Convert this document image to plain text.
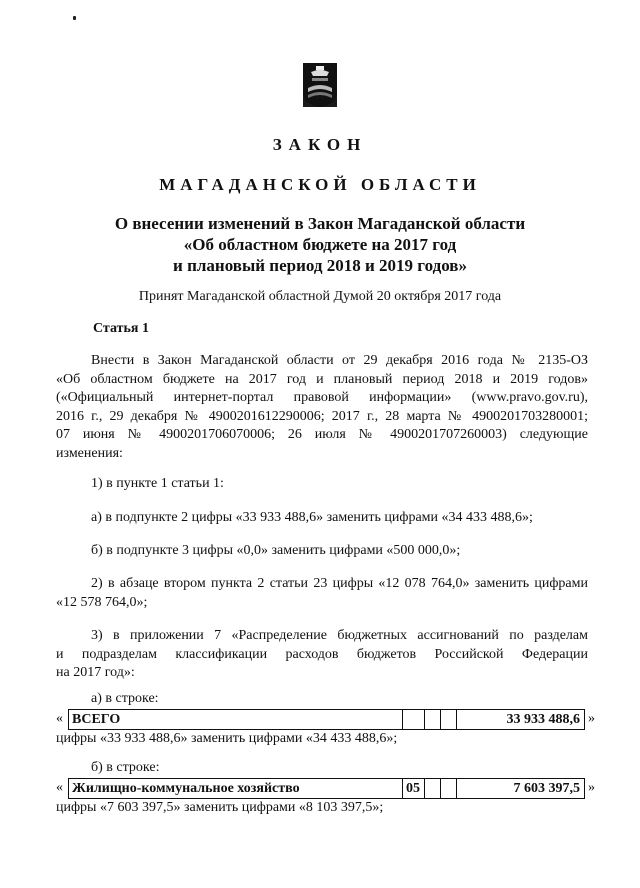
ЗАКОН
МАГАДАНСКОЙ ОБЛАСТИ
О внесении изменений в Закон Магаданской области
«Об областном бюджете на 2017 год
и плановый период 2018 и 2019 годов»
Принят Магаданской областной Думой 20 октября 2017 года
Статья 1
Внести в Закон Магаданской области от 29 декабря 2016 года № 2135-ОЗ
«Об областном бюджете на 2017 год и плановый период 2018 и 2019 годов»
(«Официальный интернет-портал правовой информации» (www.pravo.gov.ru),
2016 г., 29 декабря № 4900201612290006; 2017 г., 28 марта № 4900201703280001;
07 июня № 4900201706070006; 26 июля № 4900201707260003) следующие
изменения:
1) в пункте 1 статьи 1:
а) в подпункте 2 цифры «33 933 488,6» заменить цифрами «34 433 488,6»;
б) в подпункте 3 цифры «0,0» заменить цифрами «500 000,0»;
2) в абзаце втором пункта 2 статьи 23 цифры «12 078 764,0» заменить цифрами
«12 578 764,0»;
3) в приложении 7 «Распределение бюджетных ассигнований по разделам
и подразделам классификации расходов бюджетов Российской Федерации
на 2017 год»:
а) в строке:
« ВСЕГО	33 933 488,6 »
цифры «33 933 488,6» заменить цифрами «34 433 488,6»;
б) в строке:
« Жилищно-коммунальное хозяйство	05	7 603 397,5 »
цифры «7 603 397,5» заменить цифрами «8 103 397,5»;
